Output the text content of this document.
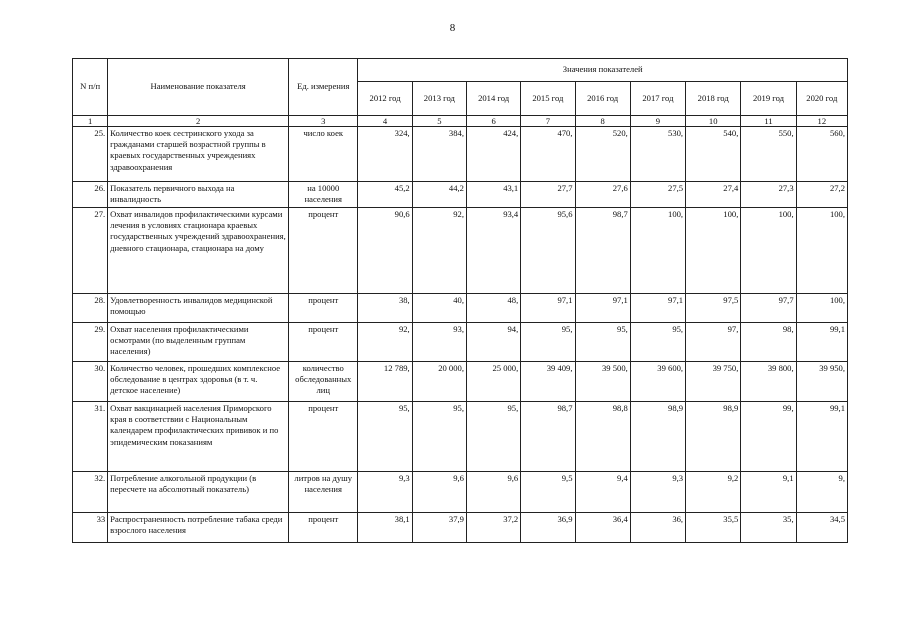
8
N п/п	Наименование показателя	Ед. измерения	Значения показателей								
			2012 год	2013 год	2014 год	2015 год	2016 год	2017 год	2018 год	2019 год	2020 год
1	2	3	4	5	6	7	8	9	10	11	12
25.	Количество коек сестринского ухода за гражданами старшей возрастной группы в краевых государственных учреждениях здравоохранения	число коек	324,	384,	424,	470,	520,	530,	540,	550,	560,
26.	Показатель первичного выхода на инвалидность	на 10000 населения	45,2	44,2	43,1	27,7	27,6	27,5	27,4	27,3	27,2
27.	Охват инвалидов профилактическими курсами лечения в условиях стационара краевых государственных учреждений здравоохранения, дневного стационара, стационара на дому	процент	90,6	92,	93,4	95,6	98,7	100,	100,	100,	100,
28.	Удовлетворенность инвалидов медицинской помощью	процент	38,	40,	48,	97,1	97,1	97,1	97,5	97,7	100,
29.	Охват населения профилактическими осмотрами (по выделенным группам населения)	процент	92,	93,	94,	95,	95,	95,	97,	98,	99,1
30.	Количество человек, прошедших комплексное обследование в центрах здоровья (в т. ч. детское население)	количество обследованных лиц	12 789,	20 000,	25 000,	39 409,	39 500,	39 600,	39 750,	39 800,	39 950,
31.	Охват вакцинацией населения Приморского края в соответствии с Национальным календарем профилактических прививок и по эпидемическим показаниям	процент	95,	95,	95,	98,7	98,8	98,9	98,9	99,	99,1
32.	Потребление алкогольной продукции (в пересчете на абсолютный показатель)	литров на душу населения	9,3	9,6	9,6	9,5	9,4	9,3	9,2	9,1	9,
33	Распространенность потребление табака среди взрослого населения	процент	38,1	37,9	37,2	36,9	36,4	36,	35,5	35,	34,5
